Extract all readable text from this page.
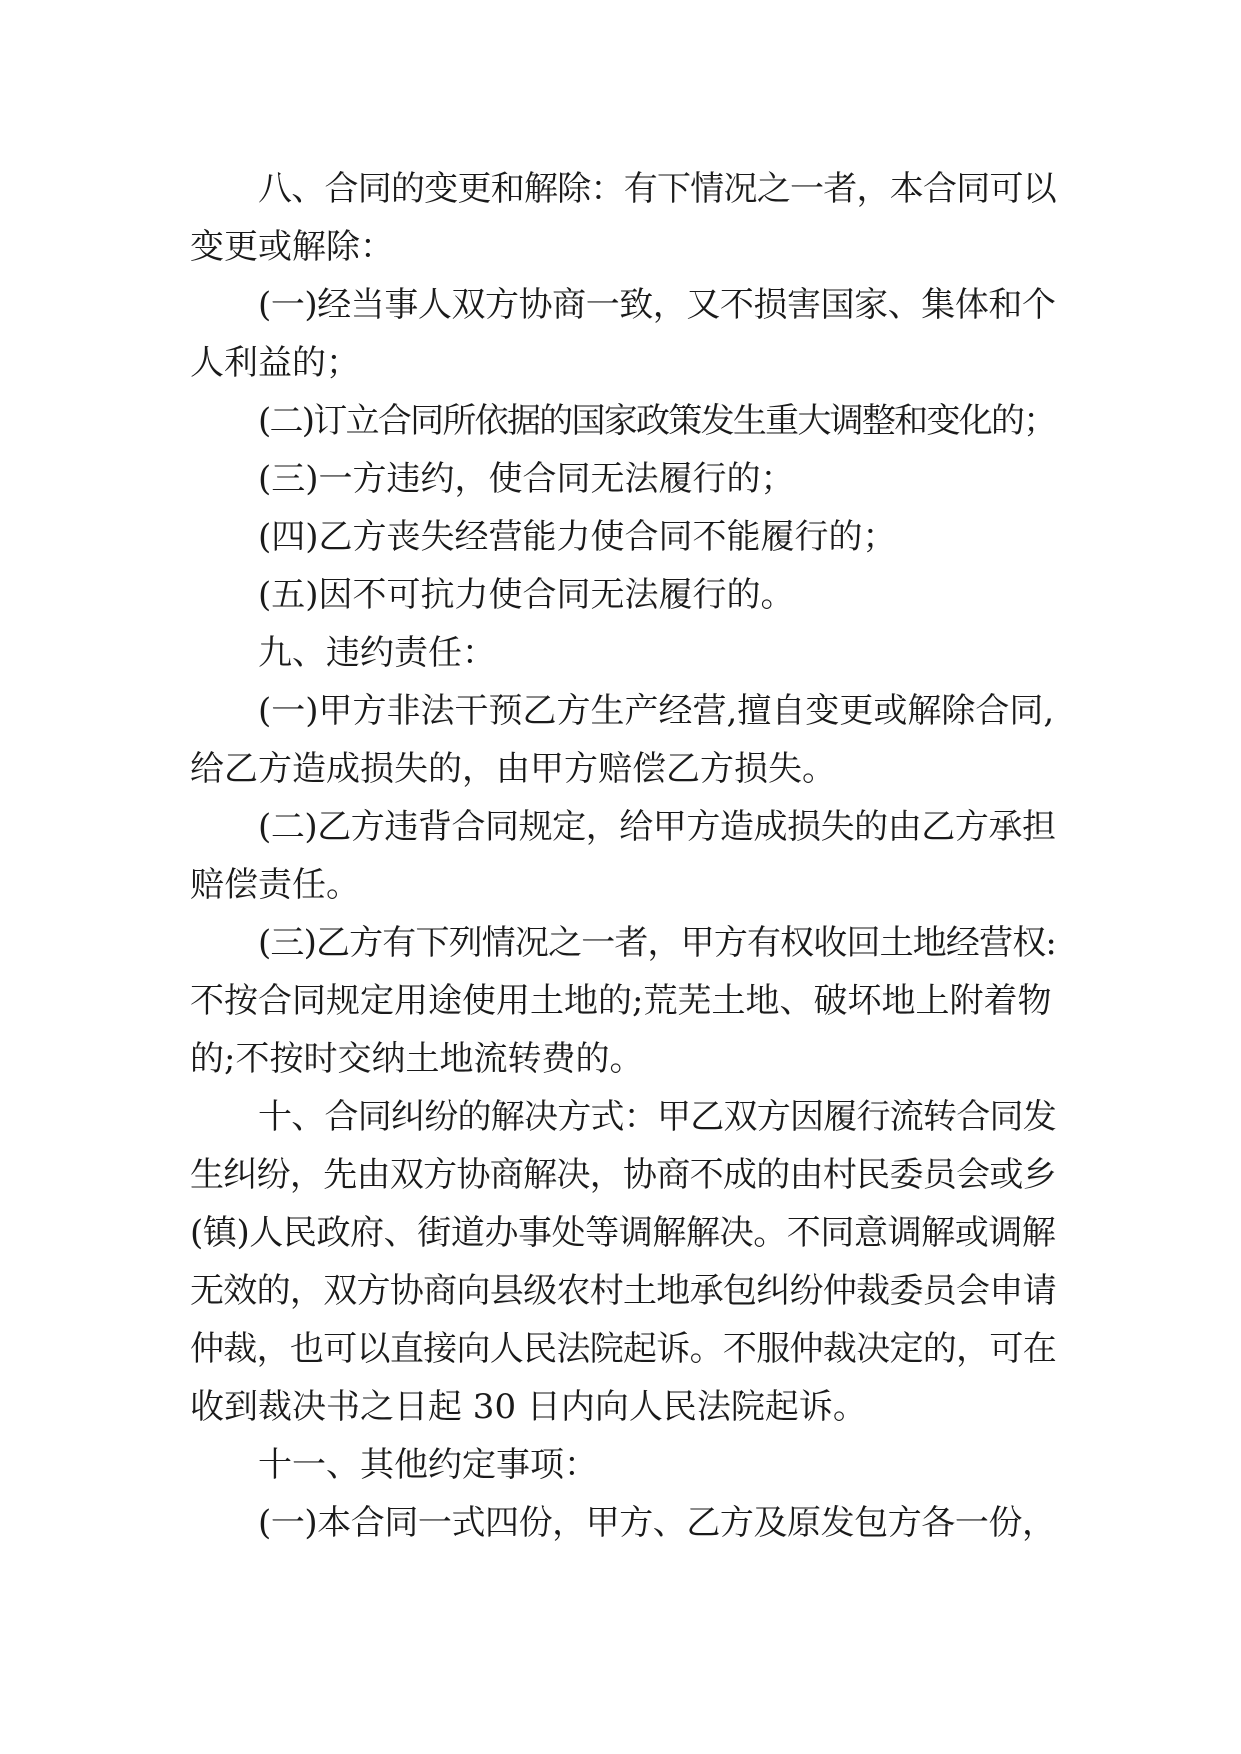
八、合同的变更和解除：有下情况之一者，本合同可以
变更或解除：
(一)经当事人双方协商一致，又不损害国家、集体和个
人利益的；
(二)订立合同所依据的国家政策发生重大调整和变化的；
(三)一方违约，使合同无法履行的；
(四)乙方丧失经营能力使合同不能履行的；
(五)因不可抗力使合同无法履行的。
九、违约责任：
(一)甲方非法干预乙方生产经营,擅自变更或解除合同,
给乙方造成损失的，由甲方赔偿乙方损失。
(二)乙方违背合同规定，给甲方造成损失的由乙方承担
赔偿责任。
(三)乙方有下列情况之一者，甲方有权收回土地经营权:
不按合同规定用途使用土地的;荒芜土地、破坏地上附着物
的;不按时交纳土地流转费的。
十、合同纠纷的解决方式：甲乙双方因履行流转合同发
生纠纷，先由双方协商解决，协商不成的由村民委员会或乡
(镇)人民政府、街道办事处等调解解决。不同意调解或调解
无效的，双方协商向县级农村土地承包纠纷仲裁委员会申请
仲裁，也可以直接向人民法院起诉。不服仲裁决定的，可在
收到裁决书之日起 30 日内向人民法院起诉。
十一、其他约定事项：
(一)本合同一式四份，甲方、乙方及原发包方各一份，
